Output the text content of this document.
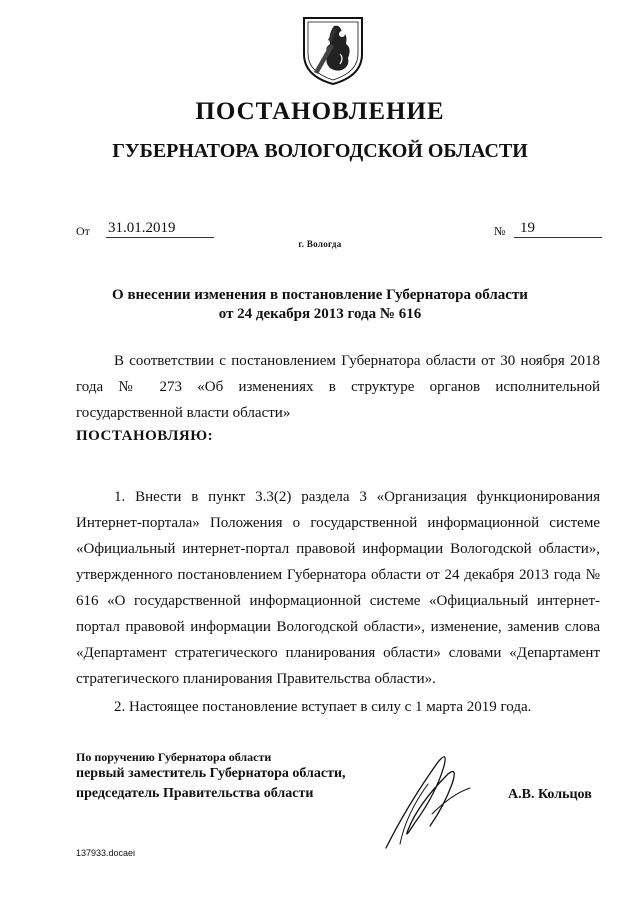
ПОСТАНОВЛЕНИЕ
ГУБЕРНАТОРА ВОЛОГОДСКОЙ ОБЛАСТИ
От 31.01.2019	№ 19
г. Вологда
О внесении изменения в постановление Губернатора области
от 24 декабря 2013 года № 616

В соответствии с постановлением Губернатора области от 30 ноября 2018 года № 273 «Об изменениях в структуре органов исполнительной государственной власти области»

ПОСТАНОВЛЯЮ:

1. Внести в пункт 3.3(2) раздела 3 «Организация функционирования Интернет-портала» Положения о государственной информационной системе «Официальный интернет-портал правовой информации Вологодской области», утвержденного постановлением Губернатора области от 24 декабря 2013 года № 616 «О государственной информационной системе «Официальный интернет-портал правовой информации Вологодской области», изменение, заменив слова «Департамент стратегического планирования области» словами «Департамент стратегического планирования Правительства области».

2. Настоящее постановление вступает в силу с 1 марта 2019 года.

По поручению Губернатора области
первый заместитель Губернатора области,
председатель Правительства области	А.В. Кольцов
137933.docaei
